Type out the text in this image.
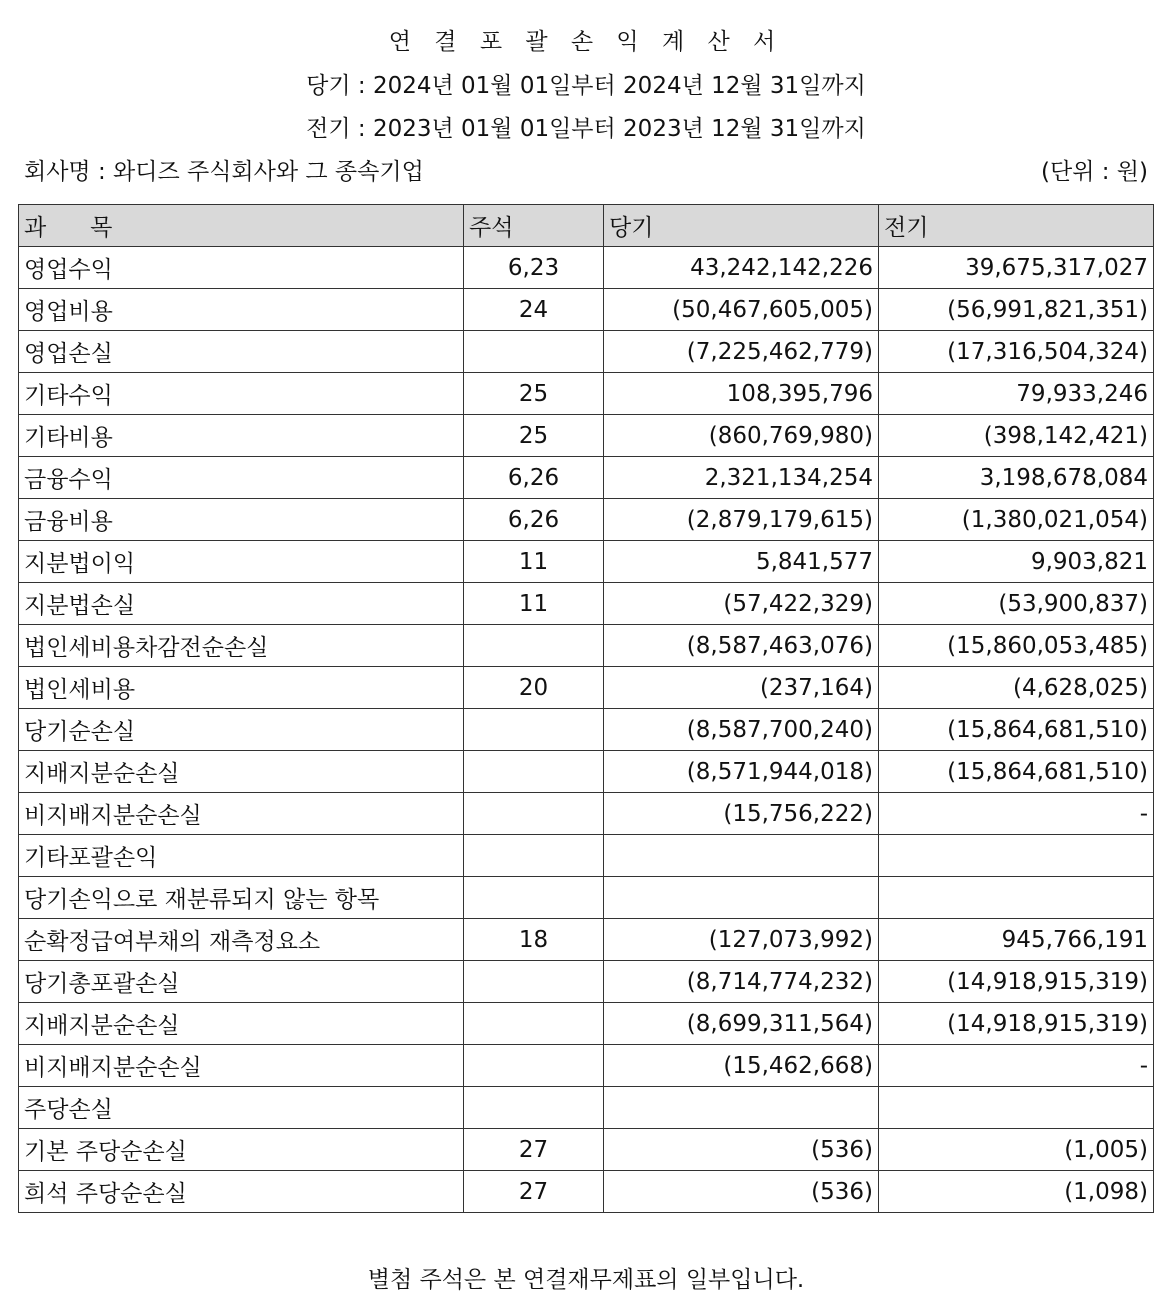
연 결 포 괄 손 익 계 산 서
당기 : 2024년 01월 01일부터 2024년 12월 31일까지
전기 : 2023년 01월 01일부터 2023년 12월 31일까지
회사명 : 와디즈 주식회사와 그 종속기업	(단위 : 원)
과      목	주석	당기	전기
영업수익	6,23	43,242,142,226	39,675,317,027
영업비용	24	(50,467,605,005)	(56,991,821,351)
영업손실		(7,225,462,779)	(17,316,504,324)
기타수익	25	108,395,796	79,933,246
기타비용	25	(860,769,980)	(398,142,421)
금융수익	6,26	2,321,134,254	3,198,678,084
금융비용	6,26	(2,879,179,615)	(1,380,021,054)
지분법이익	11	5,841,577	9,903,821
지분법손실	11	(57,422,329)	(53,900,837)
법인세비용차감전순손실		(8,587,463,076)	(15,860,053,485)
법인세비용	20	(237,164)	(4,628,025)
당기순손실		(8,587,700,240)	(15,864,681,510)
지배지분순손실		(8,571,944,018)	(15,864,681,510)
비지배지분순손실		(15,756,222)	-
기타포괄손익			
당기손익으로 재분류되지 않는 항목			
순확정급여부채의 재측정요소	18	(127,073,992)	945,766,191
당기총포괄손실		(8,714,774,232)	(14,918,915,319)
지배지분순손실		(8,699,311,564)	(14,918,915,319)
비지배지분순손실		(15,462,668)	-
주당손실			
기본 주당순손실	27	(536)	(1,005)
희석 주당순손실	27	(536)	(1,098)
별첨 주석은 본 연결재무제표의 일부입니다.
